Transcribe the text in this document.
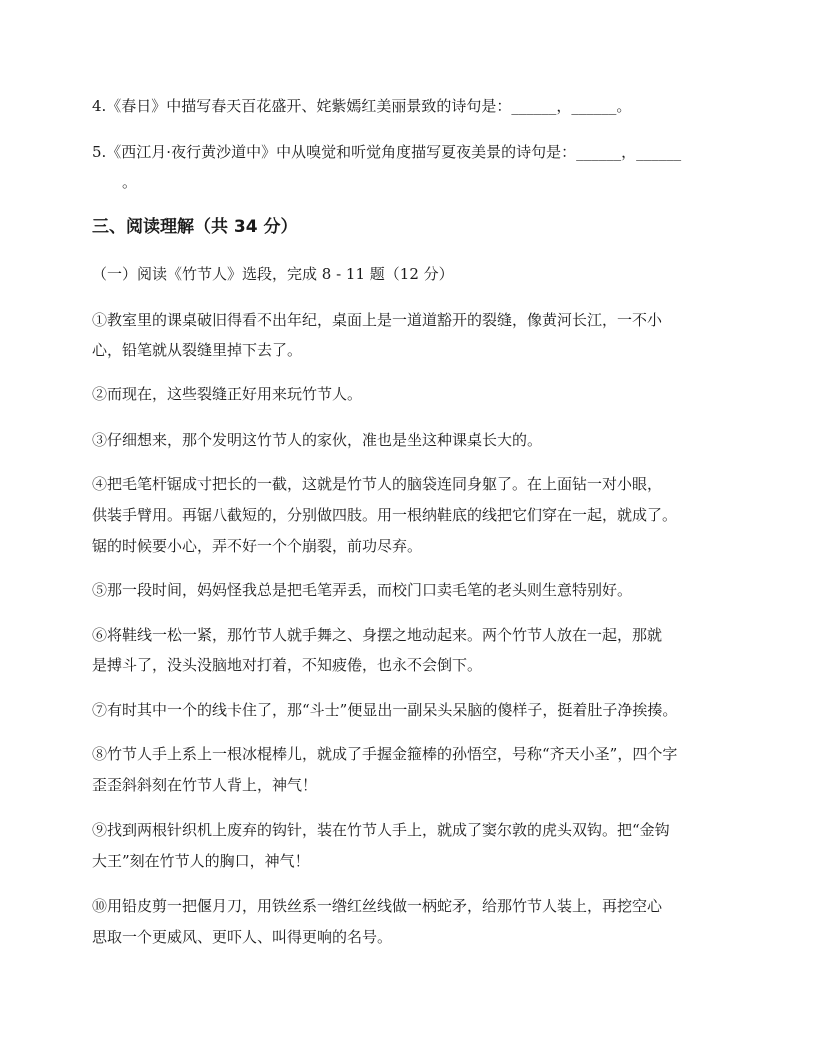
4.《春日》中描写春天百花盛开、姹紫嫣红美丽景致的诗句是：______，______。
5.《西江月·夜行黄沙道中》中从嗅觉和听觉角度描写夏夜美景的诗句是：______，______
。
三、阅读理解（共 34 分）
（一）阅读《竹节人》选段，完成 8 - 11 题（12 分）
①教室里的课桌破旧得看不出年纪，桌面上是一道道豁开的裂缝，像黄河长江，一不小
心，铅笔就从裂缝里掉下去了。
②而现在，这些裂缝正好用来玩竹节人。
③仔细想来，那个发明这竹节人的家伙，准也是坐这种课桌长大的。
④把毛笔杆锯成寸把长的一截，这就是竹节人的脑袋连同身躯了。在上面钻一对小眼，
供装手臂用。再锯八截短的，分别做四肢。用一根纳鞋底的线把它们穿在一起，就成了。
锯的时候要小心，弄不好一个个崩裂，前功尽弃。
⑤那一段时间，妈妈怪我总是把毛笔弄丢，而校门口卖毛笔的老头则生意特别好。
⑥将鞋线一松一紧，那竹节人就手舞之、身摆之地动起来。两个竹节人放在一起，那就
是搏斗了，没头没脑地对打着，不知疲倦，也永不会倒下。
⑦有时其中一个的线卡住了，那“斗士”便显出一副呆头呆脑的傻样子，挺着肚子净挨揍。
⑧竹节人手上系上一根冰棍棒儿，就成了手握金箍棒的孙悟空，号称“齐天小圣”，四个字
歪歪斜斜刻在竹节人背上，神气！
⑨找到两根针织机上废弃的钩针，装在竹节人手上，就成了窦尔敦的虎头双钩。把“金钩
大王”刻在竹节人的胸口，神气！
⑩用铅皮剪一把偃月刀，用铁丝系一绺红丝线做一柄蛇矛，给那竹节人装上，再挖空心
思取一个更威风、更吓人、叫得更响的名号。
